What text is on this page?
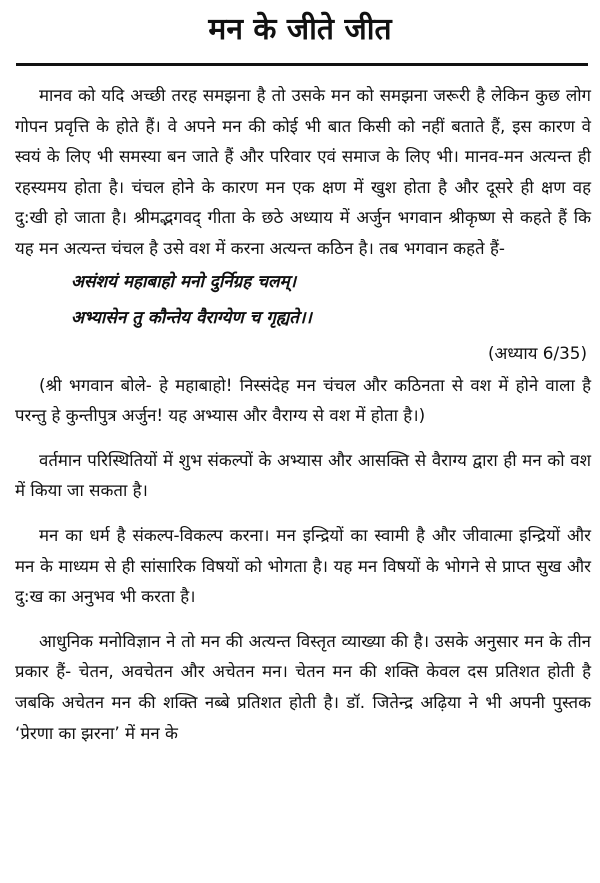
मन के जीते जीत

मानव को यदि अच्छी तरह समझना है तो उसके मन को समझना जरूरी है लेकिन कुछ लोग गोपन प्रवृत्ति के होते हैं। वे अपने मन की कोई भी बात किसी को नहीं बताते हैं, इस कारण वे स्वयं के लिए भी समस्या बन जाते हैं और परिवार एवं समाज के लिए भी। मानव-मन अत्यन्त ही रहस्यमय होता है। चंचल होने के कारण मन एक क्षण में खुश होता है और दूसरे ही क्षण वह दु:खी हो जाता है। श्रीमद्भगवद् गीता के छठे अध्याय में अर्जुन भगवान श्रीकृष्ण से कहते हैं कि यह मन अत्यन्त चंचल है उसे वश में करना अत्यन्त कठिन है। तब भगवान कहते हैं-

असंशयं महाबाहो मनो दुर्निग्रह चलम्।

अभ्यासेन तु कौन्तेय वैराग्येण च गृह्यते।।

(अध्याय 6/35)

(श्री भगवान बोले- हे महाबाहो! निस्संदेह मन चंचल और कठिनता से वश में होने वाला है परन्तु हे कुन्तीपुत्र अर्जुन! यह अभ्यास और वैराग्य से वश में होता है।)

वर्तमान परिस्थितियों में शुभ संकल्पों के अभ्यास और आसक्ति से वैराग्य द्वारा ही मन को वश में किया जा सकता है।

मन का धर्म है संकल्प-विकल्प करना। मन इन्द्रियों का स्वामी है और जीवात्मा इन्द्रियों और मन के माध्यम से ही सांसारिक विषयों को भोगता है। यह मन विषयों के भोगने से प्राप्त सुख और दु:ख का अनुभव भी करता है।

आधुनिक मनोविज्ञान ने तो मन की अत्यन्त विस्तृत व्याख्या की है। उसके अनुसार मन के तीन प्रकार हैं- चेतन, अवचेतन और अचेतन मन। चेतन मन की शक्ति केवल दस प्रतिशत होती है जबकि अचेतन मन की शक्ति नब्बे प्रतिशत होती है। डॉ. जितेन्द्र अढ़िया ने भी अपनी पुस्तक ‘प्रेरणा का झरना’ में मन के
